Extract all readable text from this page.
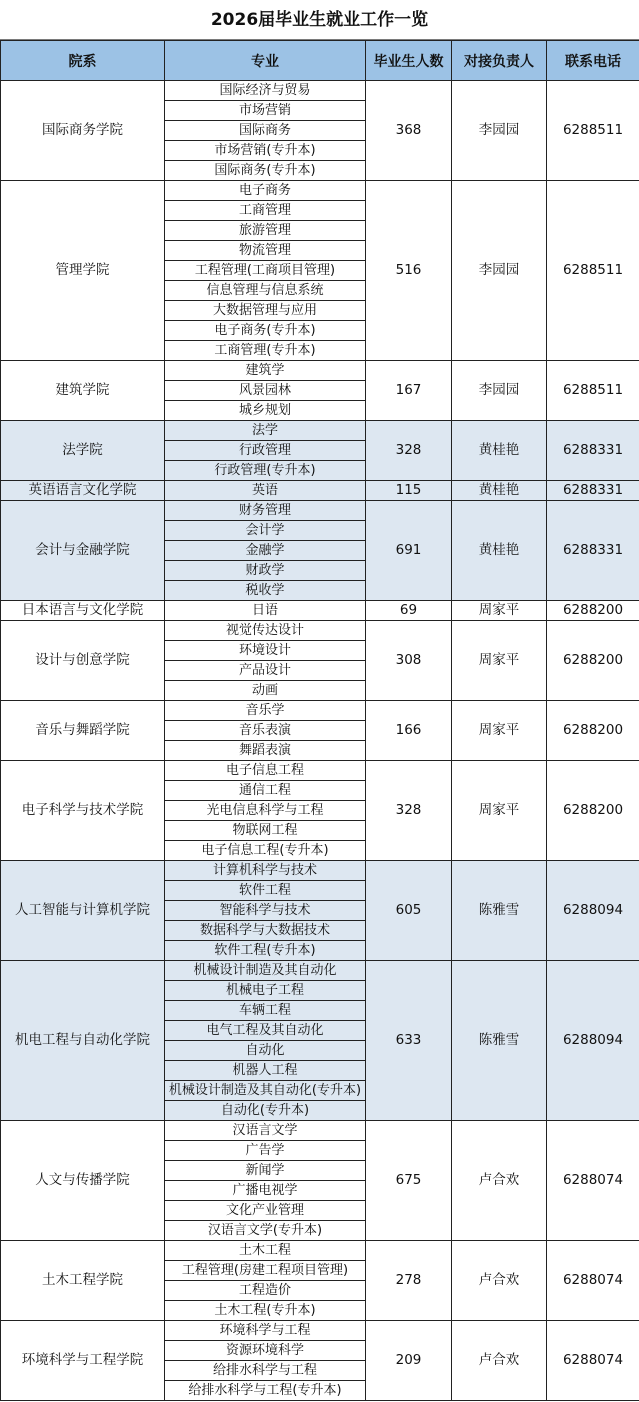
2026届毕业生就业工作一览
院系	专业	毕业生人数	对接负责人	联系电话
国际商务学院	国际经济与贸易	368	李园园	6288511
	市场营销			
	国际商务			
	市场营销(专升本)			
	国际商务(专升本)			
管理学院	电子商务	516	李园园	6288511
	工商管理			
	旅游管理			
	物流管理			
	工程管理(工商项目管理)			
	信息管理与信息系统			
	大数据管理与应用			
	电子商务(专升本)			
	工商管理(专升本)			
建筑学院	建筑学	167	李园园	6288511
	风景园林			
	城乡规划			
法学院	法学	328	黄桂艳	6288331
	行政管理			
	行政管理(专升本)			
英语语言文化学院	英语	115	黄桂艳	6288331
会计与金融学院	财务管理	691	黄桂艳	6288331
	会计学			
	金融学			
	财政学			
	税收学			
日本语言与文化学院	日语	69	周家平	6288200
设计与创意学院	视觉传达设计	308	周家平	6288200
	环境设计			
	产品设计			
	动画			
音乐与舞蹈学院	音乐学	166	周家平	6288200
	音乐表演			
	舞蹈表演			
电子科学与技术学院	电子信息工程	328	周家平	6288200
	通信工程			
	光电信息科学与工程			
	物联网工程			
	电子信息工程(专升本)			
人工智能与计算机学院	计算机科学与技术	605	陈雅雪	6288094
	软件工程			
	智能科学与技术			
	数据科学与大数据技术			
	软件工程(专升本)			
机电工程与自动化学院	机械设计制造及其自动化	633	陈雅雪	6288094
	机械电子工程			
	车辆工程			
	电气工程及其自动化			
	自动化			
	机器人工程			
	机械设计制造及其自动化(专升本)			
	自动化(专升本)			
人文与传播学院	汉语言文学	675	卢合欢	6288074
	广告学			
	新闻学			
	广播电视学			
	文化产业管理			
	汉语言文学(专升本)			
土木工程学院	土木工程	278	卢合欢	6288074
	工程管理(房建工程项目管理)			
	工程造价			
	土木工程(专升本)			
环境科学与工程学院	环境科学与工程	209	卢合欢	6288074
	资源环境科学			
	给排水科学与工程			
	给排水科学与工程(专升本)			
